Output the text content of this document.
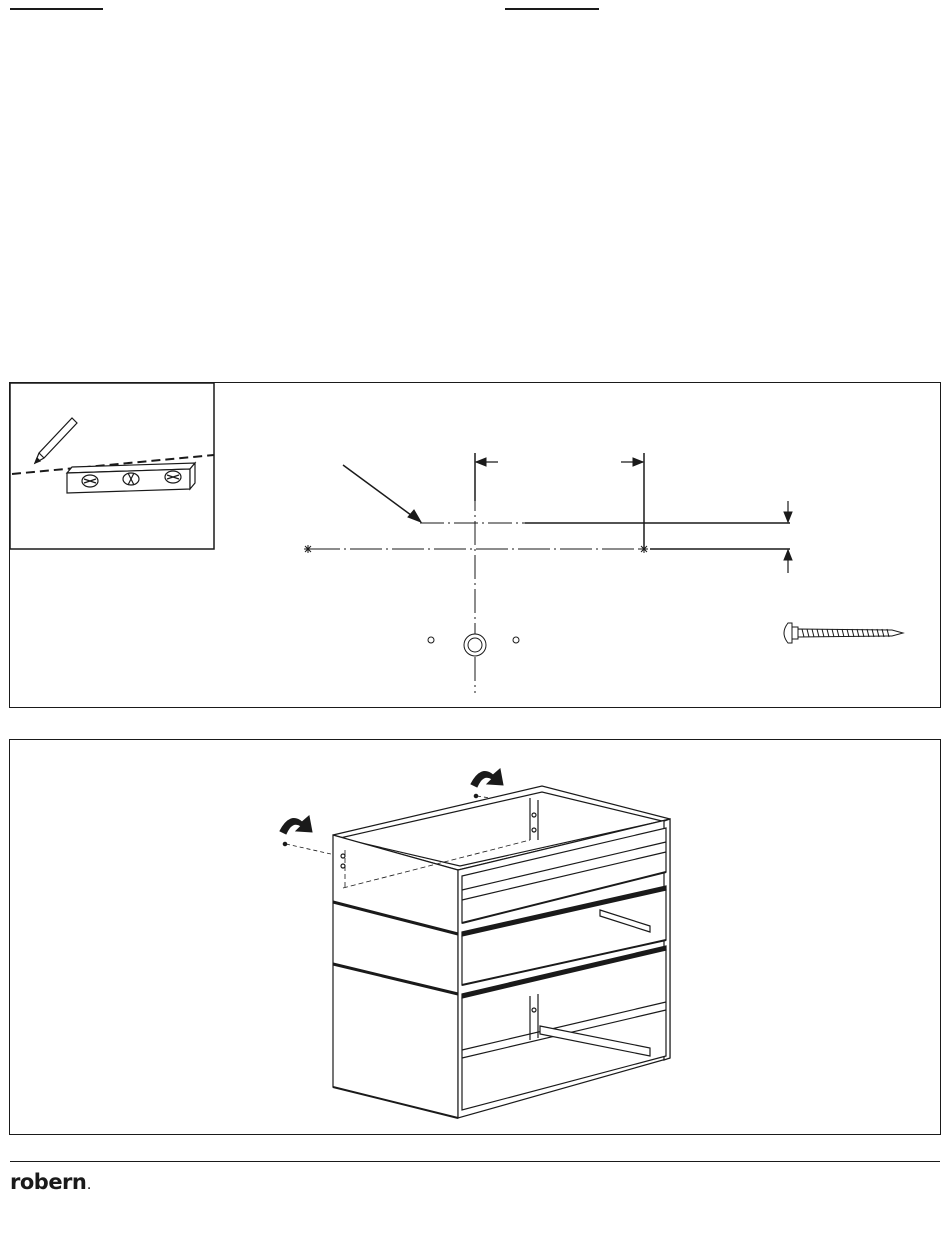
robern.
